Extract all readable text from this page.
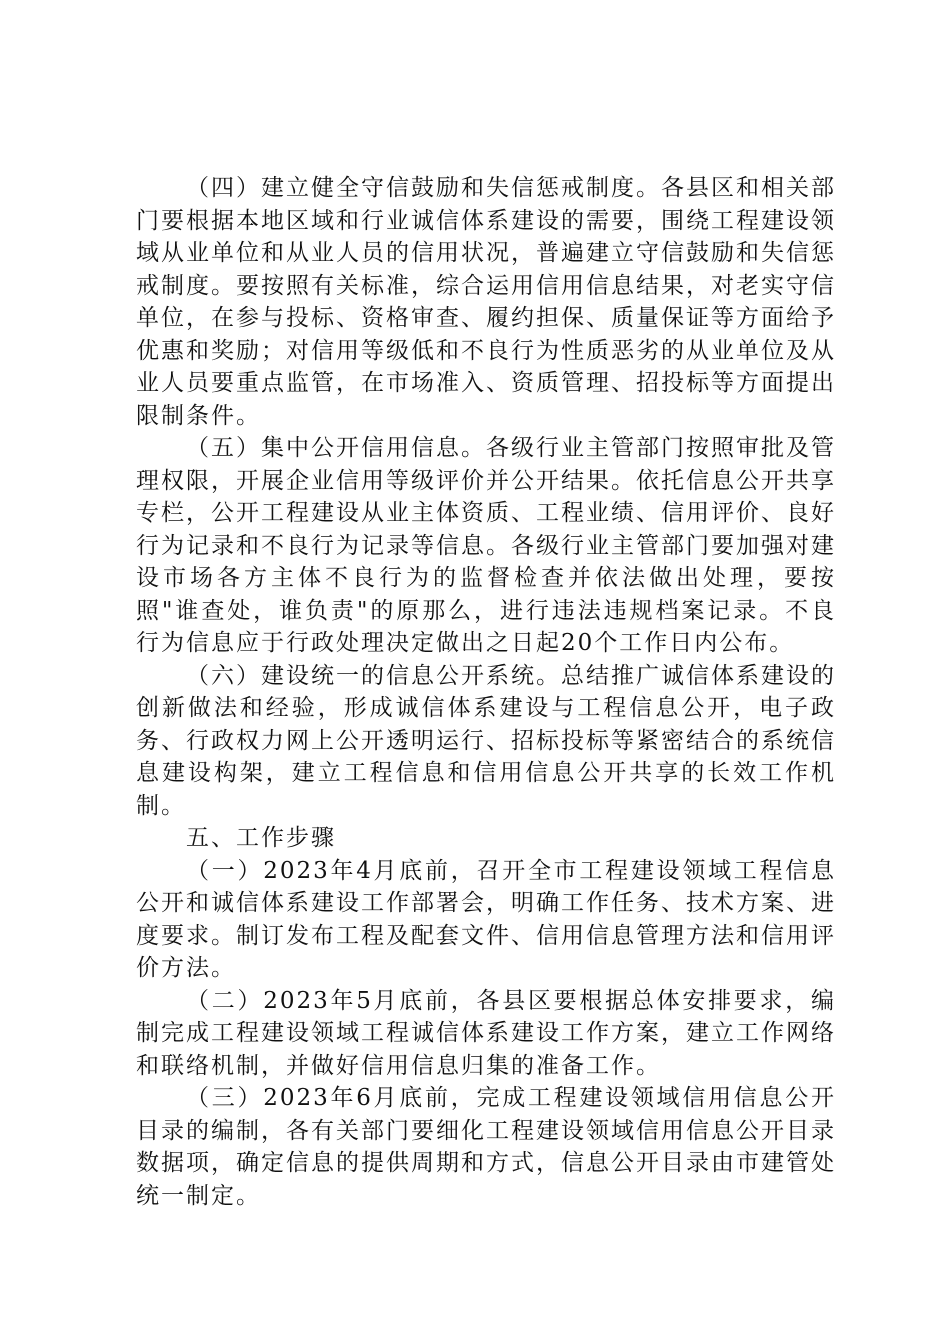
（四）建立健全守信鼓励和失信惩戒制度。各县区和相关部门要根据本地区域和行业诚信体系建设的需要，围绕工程建设领域从业单位和从业人员的信用状况，普遍建立守信鼓励和失信惩戒制度。要按照有关标准，综合运用信用信息结果，对老实守信单位，在参与投标、资格审查、履约担保、质量保证等方面给予优惠和奖励；对信用等级低和不良行为性质恶劣的从业单位及从业人员要重点监管，在市场准入、资质管理、招投标等方面提出限制条件。

（五）集中公开信用信息。各级行业主管部门按照审批及管理权限，开展企业信用等级评价并公开结果。依托信息公开共享专栏，公开工程建设从业主体资质、工程业绩、信用评价、良好行为记录和不良行为记录等信息。各级行业主管部门要加强对建设市场各方主体不良行为的监督检查并依法做出处理，要按照"谁查处，谁负责"的原那么，进行违法违规档案记录。不良行为信息应于行政处理决定做出之日起20个工作日内公布。

（六）建设统一的信息公开系统。总结推广诚信体系建设的创新做法和经验，形成诚信体系建设与工程信息公开，电子政务、行政权力网上公开透明运行、招标投标等紧密结合的系统信息建设构架，建立工程信息和信用信息公开共享的长效工作机制。

五、工作步骤

（一）2023年4月底前，召开全市工程建设领域工程信息公开和诚信体系建设工作部署会，明确工作任务、技术方案、进度要求。制订发布工程及配套文件、信用信息管理方法和信用评价方法。

（二）2023年5月底前，各县区要根据总体安排要求，编制完成工程建设领域工程诚信体系建设工作方案，建立工作网络和联络机制，并做好信用信息归集的准备工作。

（三）2023年6月底前，完成工程建设领域信用信息公开目录的编制，各有关部门要细化工程建设领域信用信息公开目录数据项，确定信息的提供周期和方式，信息公开目录由市建管处统一制定。
